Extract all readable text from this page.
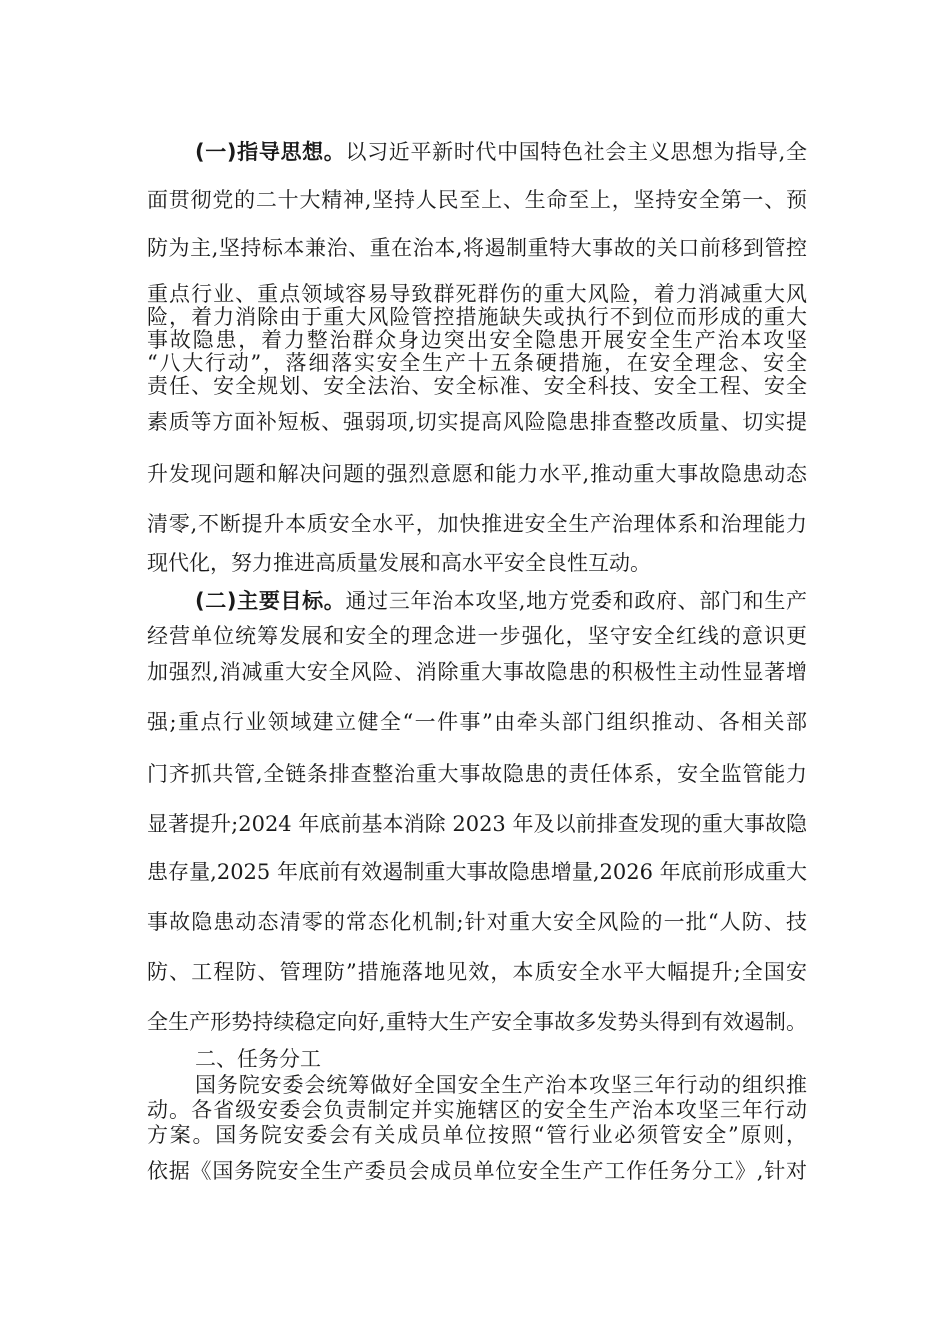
(一)指导思想。以习近平新时代中国特色社会主义思想为指导,全
面贯彻党的二十大精神,坚持人民至上、生命至上，坚持安全第一、预
防为主,坚持标本兼治、重在治本,将遏制重特大事故的关口前移到管控
重点行业、重点领域容易导致群死群伤的重大风险，着力消减重大风
险，着力消除由于重大风险管控措施缺失或执行不到位而形成的重大
事故隐患，着力整治群众身边突出安全隐患开展安全生产治本攻坚
“八大行动”，落细落实安全生产十五条硬措施，在安全理念、安全
责任、安全规划、安全法治、安全标准、安全科技、安全工程、安全
素质等方面补短板、强弱项,切实提高风险隐患排查整改质量、切实提
升发现问题和解决问题的强烈意愿和能力水平,推动重大事故隐患动态
清零,不断提升本质安全水平，加快推进安全生产治理体系和治理能力
现代化，努力推进高质量发展和高水平安全良性互动。
(二)主要目标。通过三年治本攻坚,地方党委和政府、部门和生产
经营单位统筹发展和安全的理念进一步强化，坚守安全红线的意识更
加强烈,消减重大安全风险、消除重大事故隐患的积极性主动性显著增
强;重点行业领域建立健全“一件事”由牵头部门组织推动、各相关部
门齐抓共管,全链条排查整治重大事故隐患的责任体系，安全监管能力
显著提升;2024 年底前基本消除 2023 年及以前排查发现的重大事故隐
患存量,2025 年底前有效遏制重大事故隐患增量,2026 年底前形成重大
事故隐患动态清零的常态化机制;针对重大安全风险的一批“人防、技
防、工程防、管理防”措施落地见效，本质安全水平大幅提升;全国安
全生产形势持续稳定向好,重特大生产安全事故多发势头得到有效遏制。
二、任务分工
国务院安委会统筹做好全国安全生产治本攻坚三年行动的组织推
动。各省级安委会负责制定并实施辖区的安全生产治本攻坚三年行动
方案。国务院安委会有关成员单位按照“管行业必须管安全”原则，
依据《国务院安全生产委员会成员单位安全生产工作任务分工》,针对
